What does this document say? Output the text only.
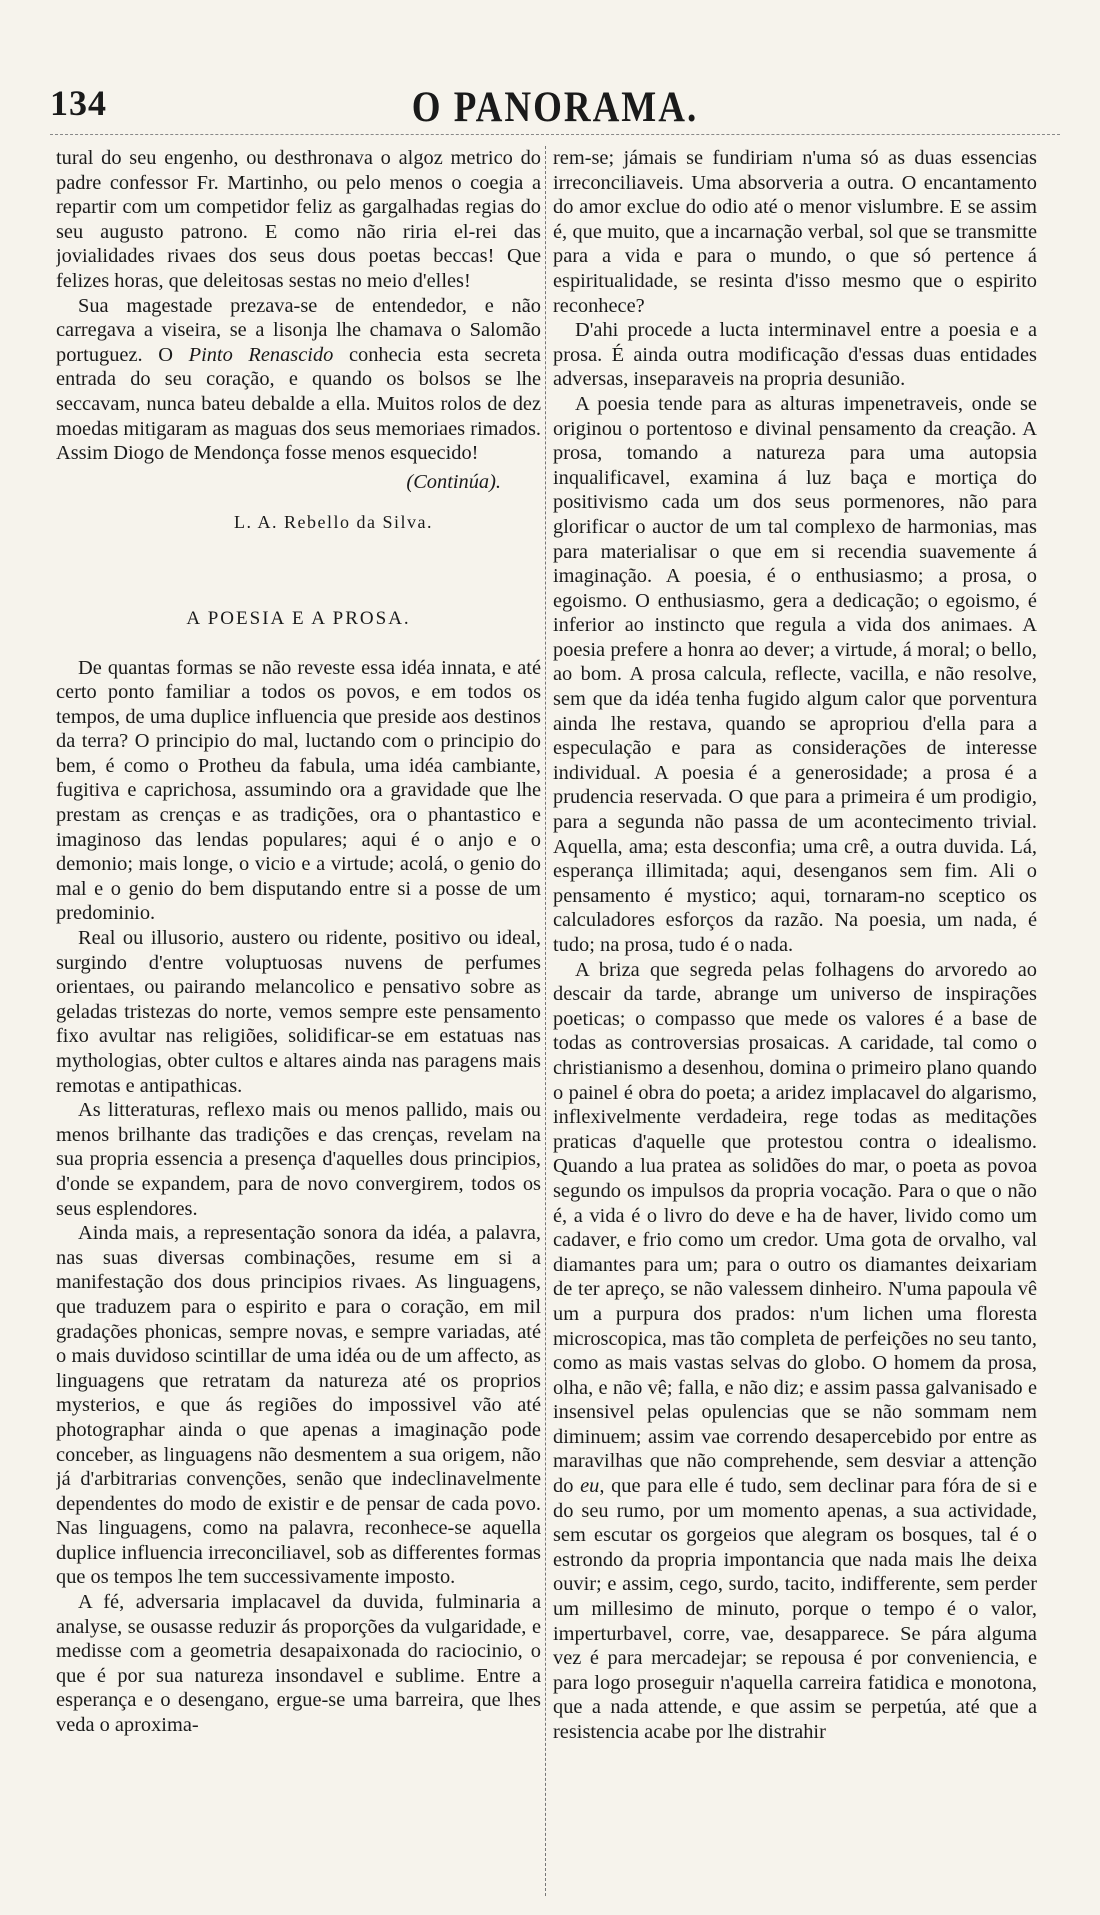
134	O PANORAMA.

tural do seu engenho, ou desthronava o algoz metrico do padre confessor Fr. Martinho, ou pelo menos o coegia a repartir com um competidor feliz as gargalhadas regias do seu augusto patrono. E como não riria el-rei das jovialidades rivaes dos seus dous poetas beccas! Que felizes horas, que deleitosas sestas no meio d'elles!

Sua magestade prezava-se de entendedor, e não carregava a viseira, se a lisonja lhe chamava o Salomão portuguez. O Pinto Renascido conhecia esta secreta entrada do seu coração, e quando os bolsos se lhe seccavam, nunca bateu debalde a ella. Muitos rolos de dez moedas mitigaram as maguas dos seus memoriaes rimados. Assim Diogo de Mendonça fosse menos esquecido!

(Continúa).

L. A. Rebello da Silva.

A POESIA E A PROSA.

De quantas formas se não reveste essa idéa innata, e até certo ponto familiar a todos os povos, e em todos os tempos, de uma duplice influencia que preside aos destinos da terra? O principio do mal, luctando com o principio do bem, é como o Protheu da fabula, uma idéa cambiante, fugitiva e caprichosa, assumindo ora a gravidade que lhe prestam as crenças e as tradições, ora o phantastico e imaginoso das lendas populares; aqui é o anjo e o demonio; mais longe, o vicio e a virtude; acolá, o genio do mal e o genio do bem disputando entre si a posse de um predominio.

Real ou illusorio, austero ou ridente, positivo ou ideal, surgindo d'entre voluptuosas nuvens de perfumes orientaes, ou pairando melancolico e pensativo sobre as geladas tristezas do norte, vemos sempre este pensamento fixo avultar nas religiões, solidificar-se em estatuas nas mythologias, obter cultos e altares ainda nas paragens mais remotas e antipathicas.

As litteraturas, reflexo mais ou menos pallido, mais ou menos brilhante das tradições e das crenças, revelam na sua propria essencia a presença d'aquelles dous principios, d'onde se expandem, para de novo convergirem, todos os seus esplendores.

Ainda mais, a representação sonora da idéa, a palavra, nas suas diversas combinações, resume em si a manifestação dos dous principios rivaes. As linguagens, que traduzem para o espirito e para o coração, em mil gradações phonicas, sempre novas, e sempre variadas, até o mais duvidoso scintillar de uma idéa ou de um affecto, as linguagens que retratam da natureza até os proprios mysterios, e que ás regiões do impossivel vão até photographar ainda o que apenas a imaginação pode conceber, as linguagens não desmentem a sua origem, não já d'arbitrarias convenções, senão que indeclinavelmente dependentes do modo de existir e de pensar de cada povo. Nas linguagens, como na palavra, reconhece-se aquella duplice influencia irreconciliavel, sob as differentes formas que os tempos lhe tem successivamente imposto.

A fé, adversaria implacavel da duvida, fulminaria a analyse, se ousasse reduzir ás proporções da vulgaridade, e medisse com a geometria desapaixonada do raciocinio, o que é por sua natureza insondavel e sublime. Entre a esperança e o desengano, ergue-se uma barreira, que lhes veda o aproxima-

rem-se; jámais se fundiriam n'uma só as duas essencias irreconciliaveis. Uma absorveria a outra. O encantamento do amor exclue do odio até o menor vislumbre. E se assim é, que muito, que a incarnação verbal, sol que se transmitte para a vida e para o mundo, o que só pertence á espiritualidade, se resinta d'isso mesmo que o espirito reconhece?

D'ahi procede a lucta interminavel entre a poesia e a prosa. É ainda outra modificação d'essas duas entidades adversas, inseparaveis na propria desunião.

A poesia tende para as alturas impenetraveis, onde se originou o portentoso e divinal pensamento da creação. A prosa, tomando a natureza para uma autopsia inqualificavel, examina á luz baça e mortiça do positivismo cada um dos seus pormenores, não para glorificar o auctor de um tal complexo de harmonias, mas para materialisar o que em si recendia suavemente á imaginação. A poesia, é o enthusiasmo; a prosa, o egoismo. O enthusiasmo, gera a dedicação; o egoismo, é inferior ao instincto que regula a vida dos animaes. A poesia prefere a honra ao dever; a virtude, á moral; o bello, ao bom. A prosa calcula, reflecte, vacilla, e não resolve, sem que da idéa tenha fugido algum calor que porventura ainda lhe restava, quando se apropriou d'ella para a especulação e para as considerações de interesse individual. A poesia é a generosidade; a prosa é a prudencia reservada. O que para a primeira é um prodigio, para a segunda não passa de um acontecimento trivial. Aquella, ama; esta desconfia; uma crê, a outra duvida. Lá, esperança illimitada; aqui, desenganos sem fim. Ali o pensamento é mystico; aqui, tornaram-no sceptico os calculadores esforços da razão. Na poesia, um nada, é tudo; na prosa, tudo é o nada.

A briza que segreda pelas folhagens do arvoredo ao descair da tarde, abrange um universo de inspirações poeticas; o compasso que mede os valores é a base de todas as controversias prosaicas. A caridade, tal como o christianismo a desenhou, domina o primeiro plano quando o painel é obra do poeta; a aridez implacavel do algarismo, inflexivelmente verdadeira, rege todas as meditações praticas d'aquelle que protestou contra o idealismo. Quando a lua pratea as solidões do mar, o poeta as povoa segundo os impulsos da propria vocação. Para o que o não é, a vida é o livro do deve e ha de haver, livido como um cadaver, e frio como um credor. Uma gota de orvalho, val diamantes para um; para o outro os diamantes deixariam de ter apreço, se não valessem dinheiro. N'uma papoula vê um a purpura dos prados: n'um lichen uma floresta microscopica, mas tão completa de perfeições no seu tanto, como as mais vastas selvas do globo. O homem da prosa, olha, e não vê; falla, e não diz; e assim passa galvanisado e insensivel pelas opulencias que se não sommam nem diminuem; assim vae correndo desapercebido por entre as maravilhas que não comprehende, sem desviar a attenção do eu, que para elle é tudo, sem declinar para fóra de si e do seu rumo, por um momento apenas, a sua actividade, sem escutar os gorgeios que alegram os bosques, tal é o estrondo da propria impontancia que nada mais lhe deixa ouvir; e assim, cego, surdo, tacito, indifferente, sem perder um millesimo de minuto, porque o tempo é o valor, imperturbavel, corre, vae, desapparece. Se pára alguma vez é para mercadejar; se repousa é por conveniencia, e para logo proseguir n'aquella carreira fatidica e monotona, que a nada attende, e que assim se perpetúa, até que a resistencia acabe por lhe distrahir
